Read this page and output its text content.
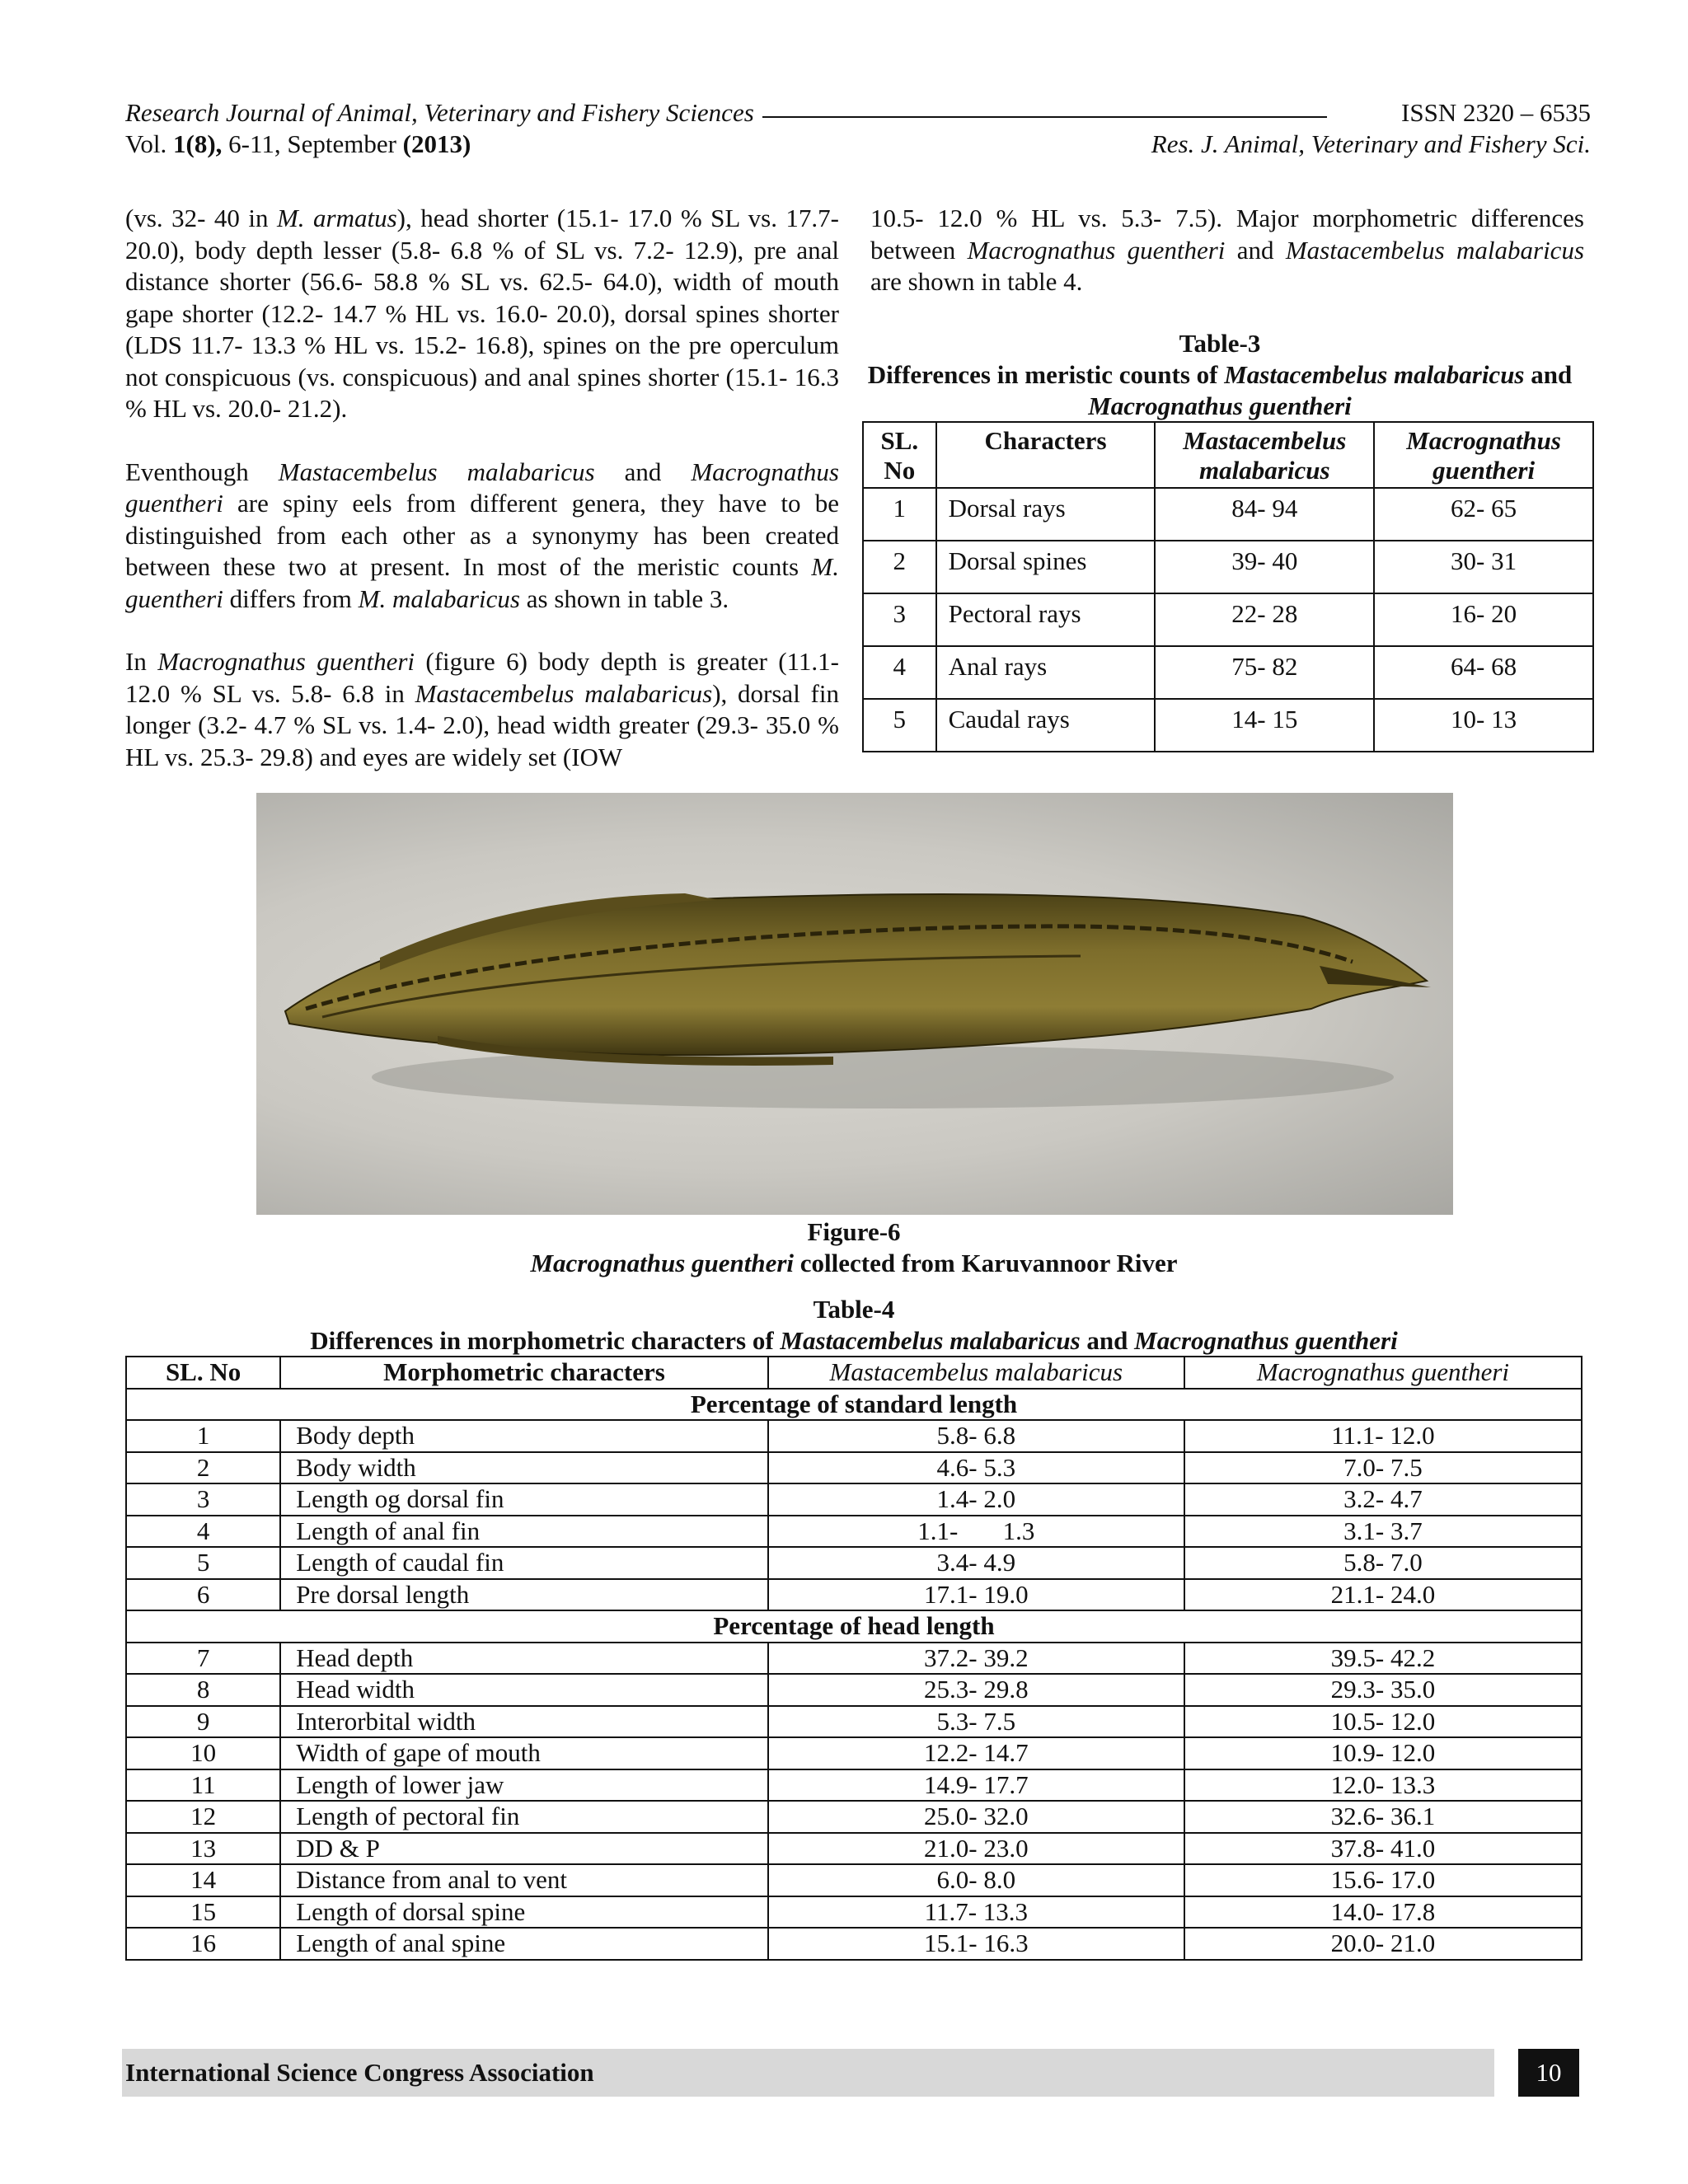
Research Journal of Animal, Veterinary and Fishery Sciences	ISSN 2320 – 6535
Vol. 1(8), 6-11, September (2013)	Res. J. Animal, Veterinary and Fishery Sci.

(vs. 32- 40 in M. armatus), head shorter (15.1- 17.0 % SL vs. 17.7- 20.0), body depth lesser (5.8- 6.8 % of SL vs. 7.2- 12.9), pre anal distance shorter (56.6- 58.8 % SL vs. 62.5- 64.0), width of mouth gape shorter (12.2- 14.7 % HL vs. 16.0- 20.0), dorsal spines shorter (LDS 11.7- 13.3 % HL vs. 15.2- 16.8), spines on the pre operculum not conspicuous (vs. conspicuous) and anal spines shorter (15.1- 16.3 % HL vs. 20.0- 21.2).

Eventhough Mastacembelus malabaricus and Macrognathus guentheri are spiny eels from different genera, they have to be distinguished from each other as a synonymy has been created between these two at present. In most of the meristic counts M. guentheri differs from M. malabaricus as shown in table 3.

In Macrognathus guentheri (figure 6) body depth is greater (11.1- 12.0 % SL vs. 5.8- 6.8 in Mastacembelus malabaricus), dorsal fin longer (3.2- 4.7 % SL vs. 1.4- 2.0), head width greater (29.3- 35.0 % HL vs. 25.3- 29.8) and eyes are widely set (IOW

10.5- 12.0 % HL vs. 5.3- 7.5). Major morphometric differences between Macrognathus guentheri and Mastacembelus malabaricus are shown in table 4.

Table-3
Differences in meristic counts of Mastacembelus malabaricus and Macrognathus guentheri
SL. No	Characters	Mastacembelus malabaricus	Macrognathus guentheri
1	Dorsal rays	84- 94	62- 65
2	Dorsal spines	39- 40	30- 31
3	Pectoral rays	22- 28	16- 20
4	Anal rays	75- 82	64- 68
5	Caudal rays	14- 15	10- 13
Figure-6
Macrognathus guentheri collected from Karuvannoor River
Table-4
Differences in morphometric characters of Mastacembelus malabaricus and Macrognathus guentheri
SL. No	Morphometric characters	Mastacembelus malabaricus	Macrognathus guentheri
Percentage of standard length			
1	Body depth	5.8- 6.8	11.1- 12.0
2	Body width	4.6- 5.3	7.0- 7.5
3	Length og dorsal fin	1.4- 2.0	3.2- 4.7
4	Length of anal fin	1.1-       1.3	3.1- 3.7
5	Length of caudal fin	3.4- 4.9	5.8- 7.0
6	Pre dorsal length	17.1- 19.0	21.1- 24.0
Percentage of head length			
7	Head depth	37.2- 39.2	39.5- 42.2
8	Head width	25.3- 29.8	29.3- 35.0
9	Interorbital width	5.3- 7.5	10.5- 12.0
10	Width of gape of mouth	12.2- 14.7	10.9- 12.0
11	Length of lower jaw	14.9- 17.7	12.0- 13.3
12	Length of pectoral fin	25.0- 32.0	32.6- 36.1
13	DD & P	21.0- 23.0	37.8- 41.0
14	Distance from anal to vent	6.0- 8.0	15.6- 17.0
15	Length of dorsal spine	11.7- 13.3	14.0- 17.8
16	Length of anal spine	15.1- 16.3	20.0- 21.0
International Science Congress Association	10
